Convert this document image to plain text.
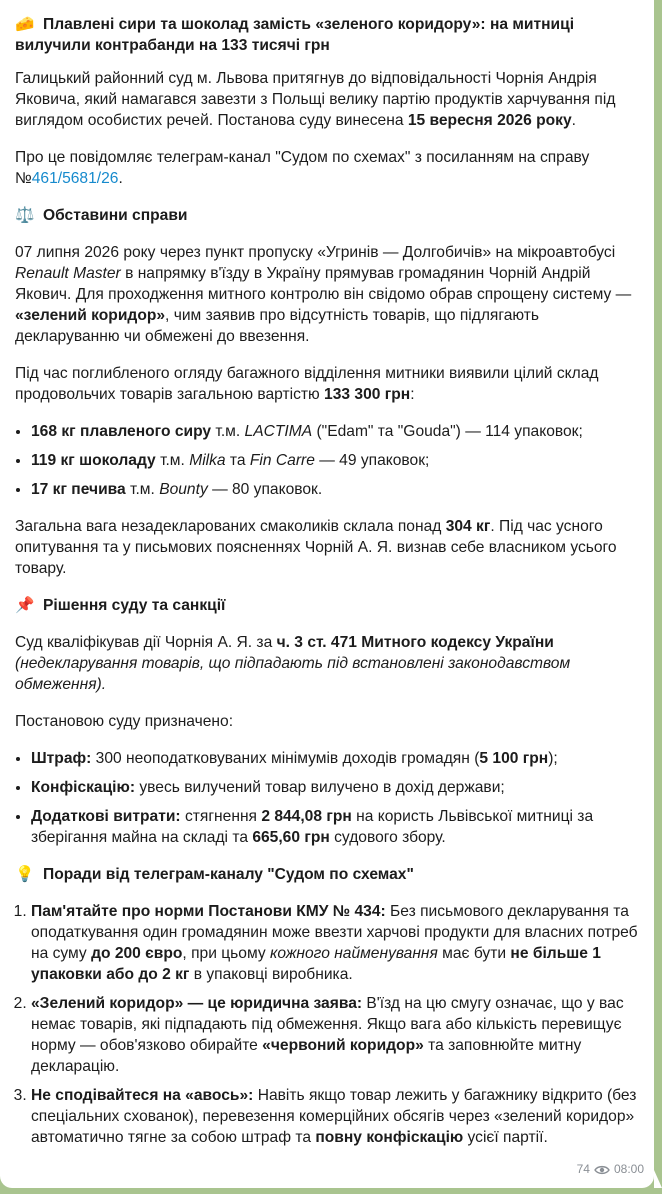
🧀 Плавлені сири та шоколад замість «зеленого коридору»: на митниці вилучили контрабанди на 133 тисячі грн

Галицький районний суд м. Львова притягнув до відповідальності Чорнія Андрія Яковича, який намагався завезти з Польщі велику партію продуктів харчування під виглядом особистих речей. Постанова суду винесена 15 вересня 2026 року.

Про це повідомляє телеграм-канал "Судом по схемах" з посиланням на справу №461/5681/26.

⚖️ Обставини справи

07 липня 2026 року через пункт пропуску «Угринів — Долгобичів» на мікроавтобусі Renault Master в напрямку в'їзду в Україну прямував громадянин Чорній Андрій Якович. Для проходження митного контролю він свідомо обрав спрощену систему — «зелений коридор», чим заявив про відсутність товарів, що підлягають декларуванню чи обмежені до ввезення.

Під час поглибленого огляду багажного відділення митники виявили цілий склад продовольчих товарів загальною вартістю 133 300 грн:

• 168 кг плавленого сиру т.м. LACTIMA ("Edam" та "Gouda") — 114 упаковок;
• 119 кг шоколаду т.м. Milka та Fin Carre — 49 упаковок;
• 17 кг печива т.м. Bounty — 80 упаковок.

Загальна вага незадекларованих смаколиків склала понад 304 кг. Під час усного опитування та у письмових поясненнях Чорній А. Я. визнав себе власником усього товару.

📌 Рішення суду та санкції

Суд кваліфікував дії Чорнія А. Я. за ч. 3 ст. 471 Митного кодексу України (недекларування товарів, що підпадають під встановлені законодавством обмеження).

Постановою суду призначено:

• Штраф: 300 неоподатковуваних мінімумів доходів громадян (5 100 грн);
• Конфіскацію: увесь вилучений товар вилучено в дохід держави;
• Додаткові витрати: стягнення 2 844,08 грн на користь Львівської митниці за зберігання майна на складі та 665,60 грн судового збору.
💡 Поради від телеграм-каналу "Судом по схемах"
1. Пам'ятайте про норми Постанови КМУ № 434: Без письмового декларування та оподаткування один громадянин може ввезти харчові продукти для власних потреб на суму до 200 євро, при цьому кожного найменування має бути не більше 1 упаковки або до 2 кг в упаковці виробника.
2. «Зелений коридор» — це юридична заява: В'їзд на цю смугу означає, що у вас немає товарів, які підпадають під обмеження. Якщо вага або кількість перевищує норму — обов'язково обирайте «червоний коридор» та заповнюйте митну декларацію.
3. Не сподівайтеся на «авось»: Навіть якщо товар лежить у багажнику відкрито (без спеціальних схованок), перевезення комерційних обсягів через «зелений коридор» автоматично тягне за собою штраф та повну конфіскацію усієї партії.
74 08:00
